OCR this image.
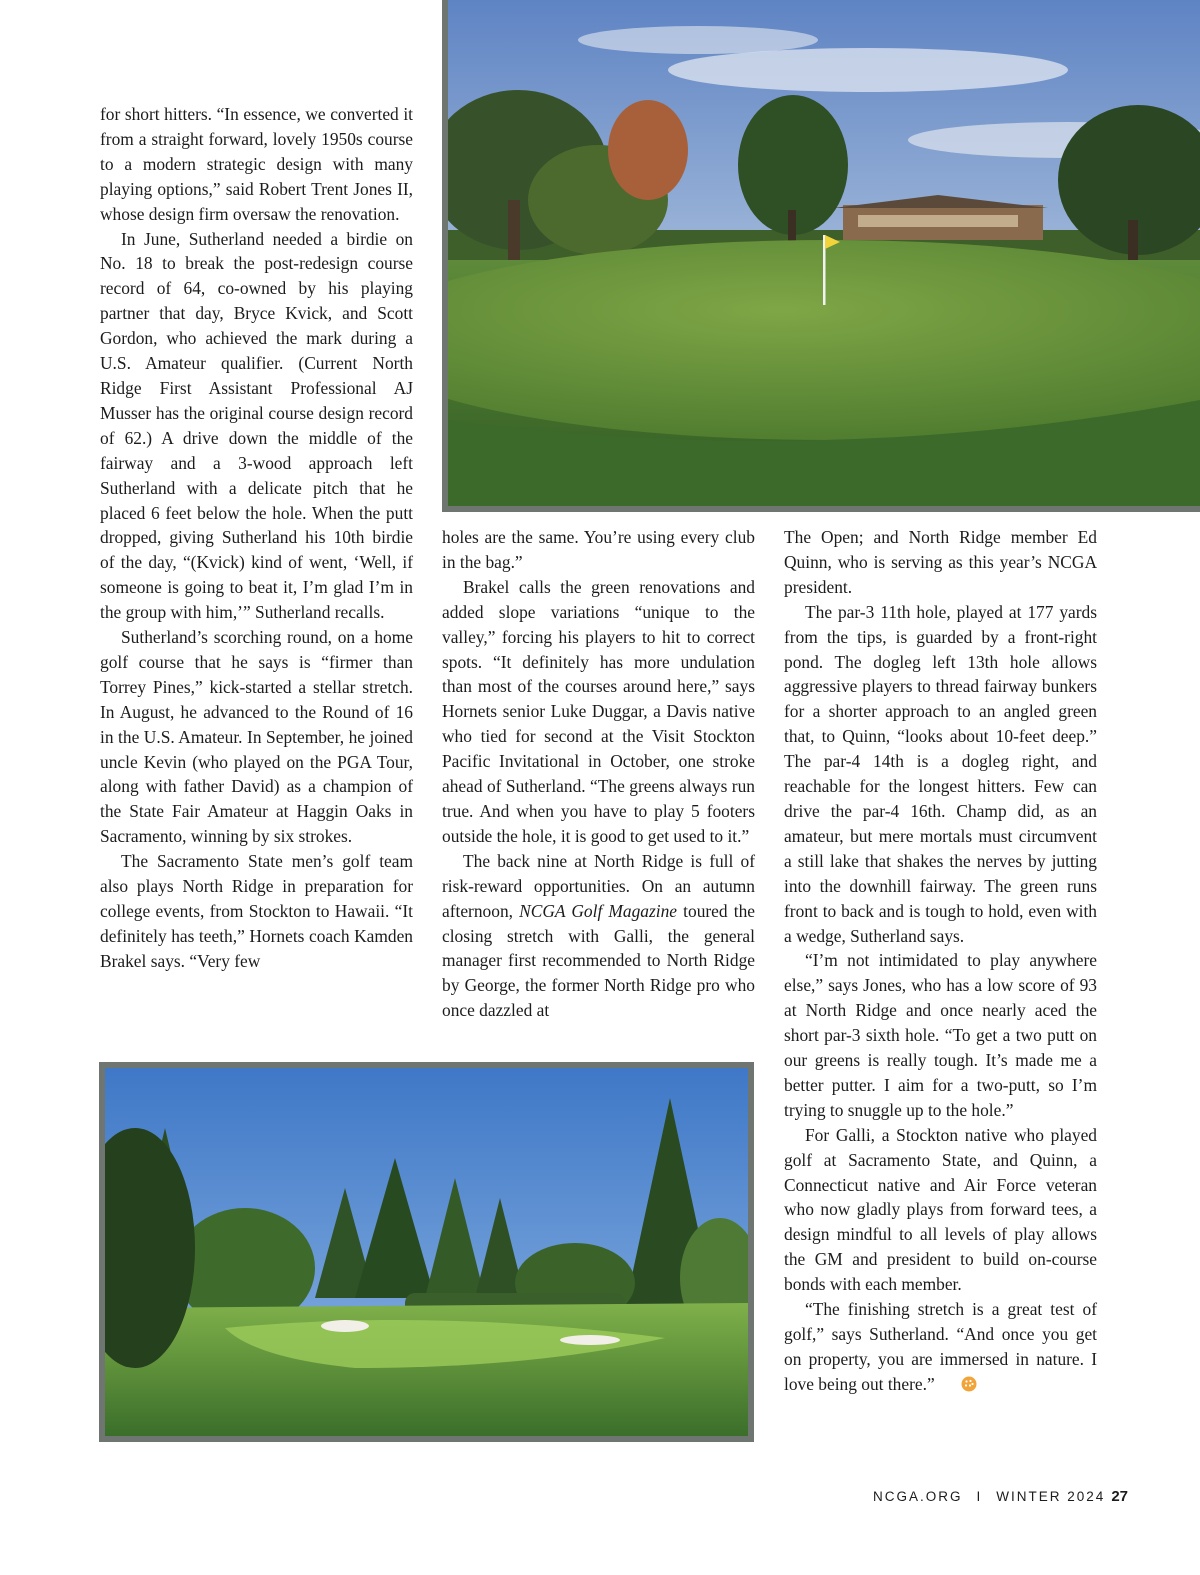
for short hitters. “In essence, we converted it from a straight forward, lovely 1950s course to a modern strategic design with many playing options,” said Robert Trent Jones II, whose design firm oversaw the renovation.

In June, Sutherland needed a birdie on No. 18 to break the post-redesign course record of 64, co-owned by his playing partner that day, Bryce Kvick, and Scott Gordon, who achieved the mark during a U.S. Amateur qualifier. (Current North Ridge First Assistant Professional AJ Musser has the original course design record of 62.) A drive down the middle of the fairway and a 3-wood approach left Sutherland with a delicate pitch that he placed 6 feet below the hole. When the putt dropped, giving Sutherland his 10th birdie of the day, “(Kvick) kind of went, ‘Well, if someone is going to beat it, I’m glad I’m in the group with him,’” Sutherland recalls.

Sutherland’s scorching round, on a home golf course that he says is “firmer than Torrey Pines,” kick-started a stellar stretch. In August, he advanced to the Round of 16 in the U.S. Amateur. In September, he joined uncle Kevin (who played on the PGA Tour, along with father David) as a champion of the State Fair Amateur at Haggin Oaks in Sacramento, winning by six strokes.

The Sacramento State men’s golf team also plays North Ridge in preparation for college events, from Stockton to Hawaii. “It definitely has teeth,” Hornets coach Kamden Brakel says. “Very few

holes are the same. You’re using every club in the bag.”

Brakel calls the green renovations and added slope variations “unique to the valley,” forcing his players to hit to correct spots. “It definitely has more undulation than most of the courses around here,” says Hornets senior Luke Duggar, a Davis native who tied for second at the Visit Stockton Pacific Invitational in October, one stroke ahead of Sutherland. “The greens always run true. And when you have to play 5 footers outside the hole, it is good to get used to it.”

The back nine at North Ridge is full of risk-reward opportunities. On an autumn afternoon, NCGA Golf Magazine toured the closing stretch with Galli, the general manager first recommended to North Ridge by George, the former North Ridge pro who once dazzled at

The Open; and North Ridge member Ed Quinn, who is serving as this year’s NCGA president.

The par-3 11th hole, played at 177 yards from the tips, is guarded by a front-right pond. The dogleg left 13th hole allows aggressive players to thread fairway bunkers for a shorter approach to an angled green that, to Quinn, “looks about 10-feet deep.” The par-4 14th is a dogleg right, and reachable for the longest hitters. Few can drive the par-4 16th. Champ did, as an amateur, but mere mortals must circumvent a still lake that shakes the nerves by jutting into the downhill fairway. The green runs front to back and is tough to hold, even with a wedge, Sutherland says.

“I’m not intimidated to play anywhere else,” says Jones, who has a low score of 93 at North Ridge and once nearly aced the short par-3 sixth hole. “To get a two putt on our greens is really tough. It’s made me a better putter. I aim for a two-putt, so I’m trying to snuggle up to the hole.”

For Galli, a Stockton native who played golf at Sacramento State, and Quinn, a Connecticut native and Air Force veteran who now gladly plays from forward tees, a design mindful to all levels of play allows the GM and president to build on-course bonds with each member.

“The finishing stretch is a great test of golf,” says Sutherland. “And once you get on property, you are immersed in nature. I love being out there.”

NCGA.ORG I WINTER 2024 27
